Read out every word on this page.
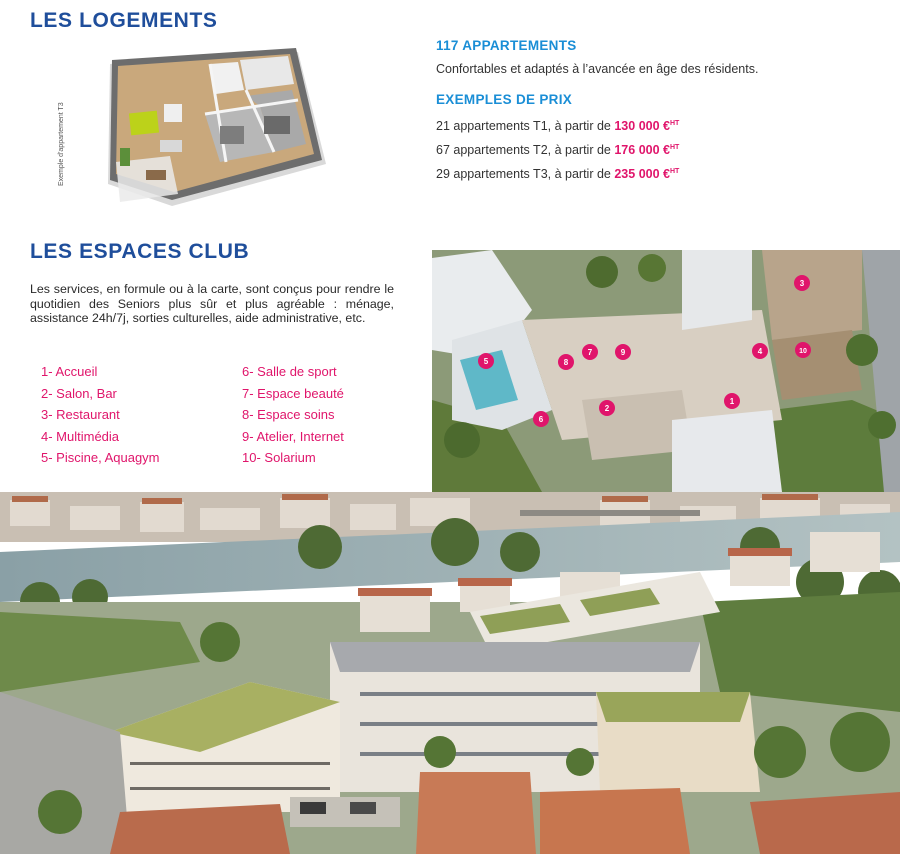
LES LOGEMENTS
Exemple d'appartement T3
117 APPARTEMENTS
Confortables et adaptés à l’avancée en âge des résidents.
EXEMPLES DE PRIX
21 appartements T1, à partir de 130 000 €$^{HT}$
67 appartements T2, à partir de 176 000 €$^{HT}$
29 appartements T3, à partir de 235 000 €$^{HT}$
LES ESPACES CLUB
Les services, en formule ou à la carte, sont conçus pour rendre le quotidien des Seniors plus sûr et plus agréable : ménage, assistance 24h/7j, sorties culturelles, aide administrative, etc.
1- Accueil	6- Salle de sport
2- Salon, Bar	7- Espace beauté
3- Restaurant	8- Espace soins
4- Multimédia	9- Atelier, Internet
5- Piscine, Aquagym	10- Solarium
1
2
3
4
5
6
7
8
9	10
